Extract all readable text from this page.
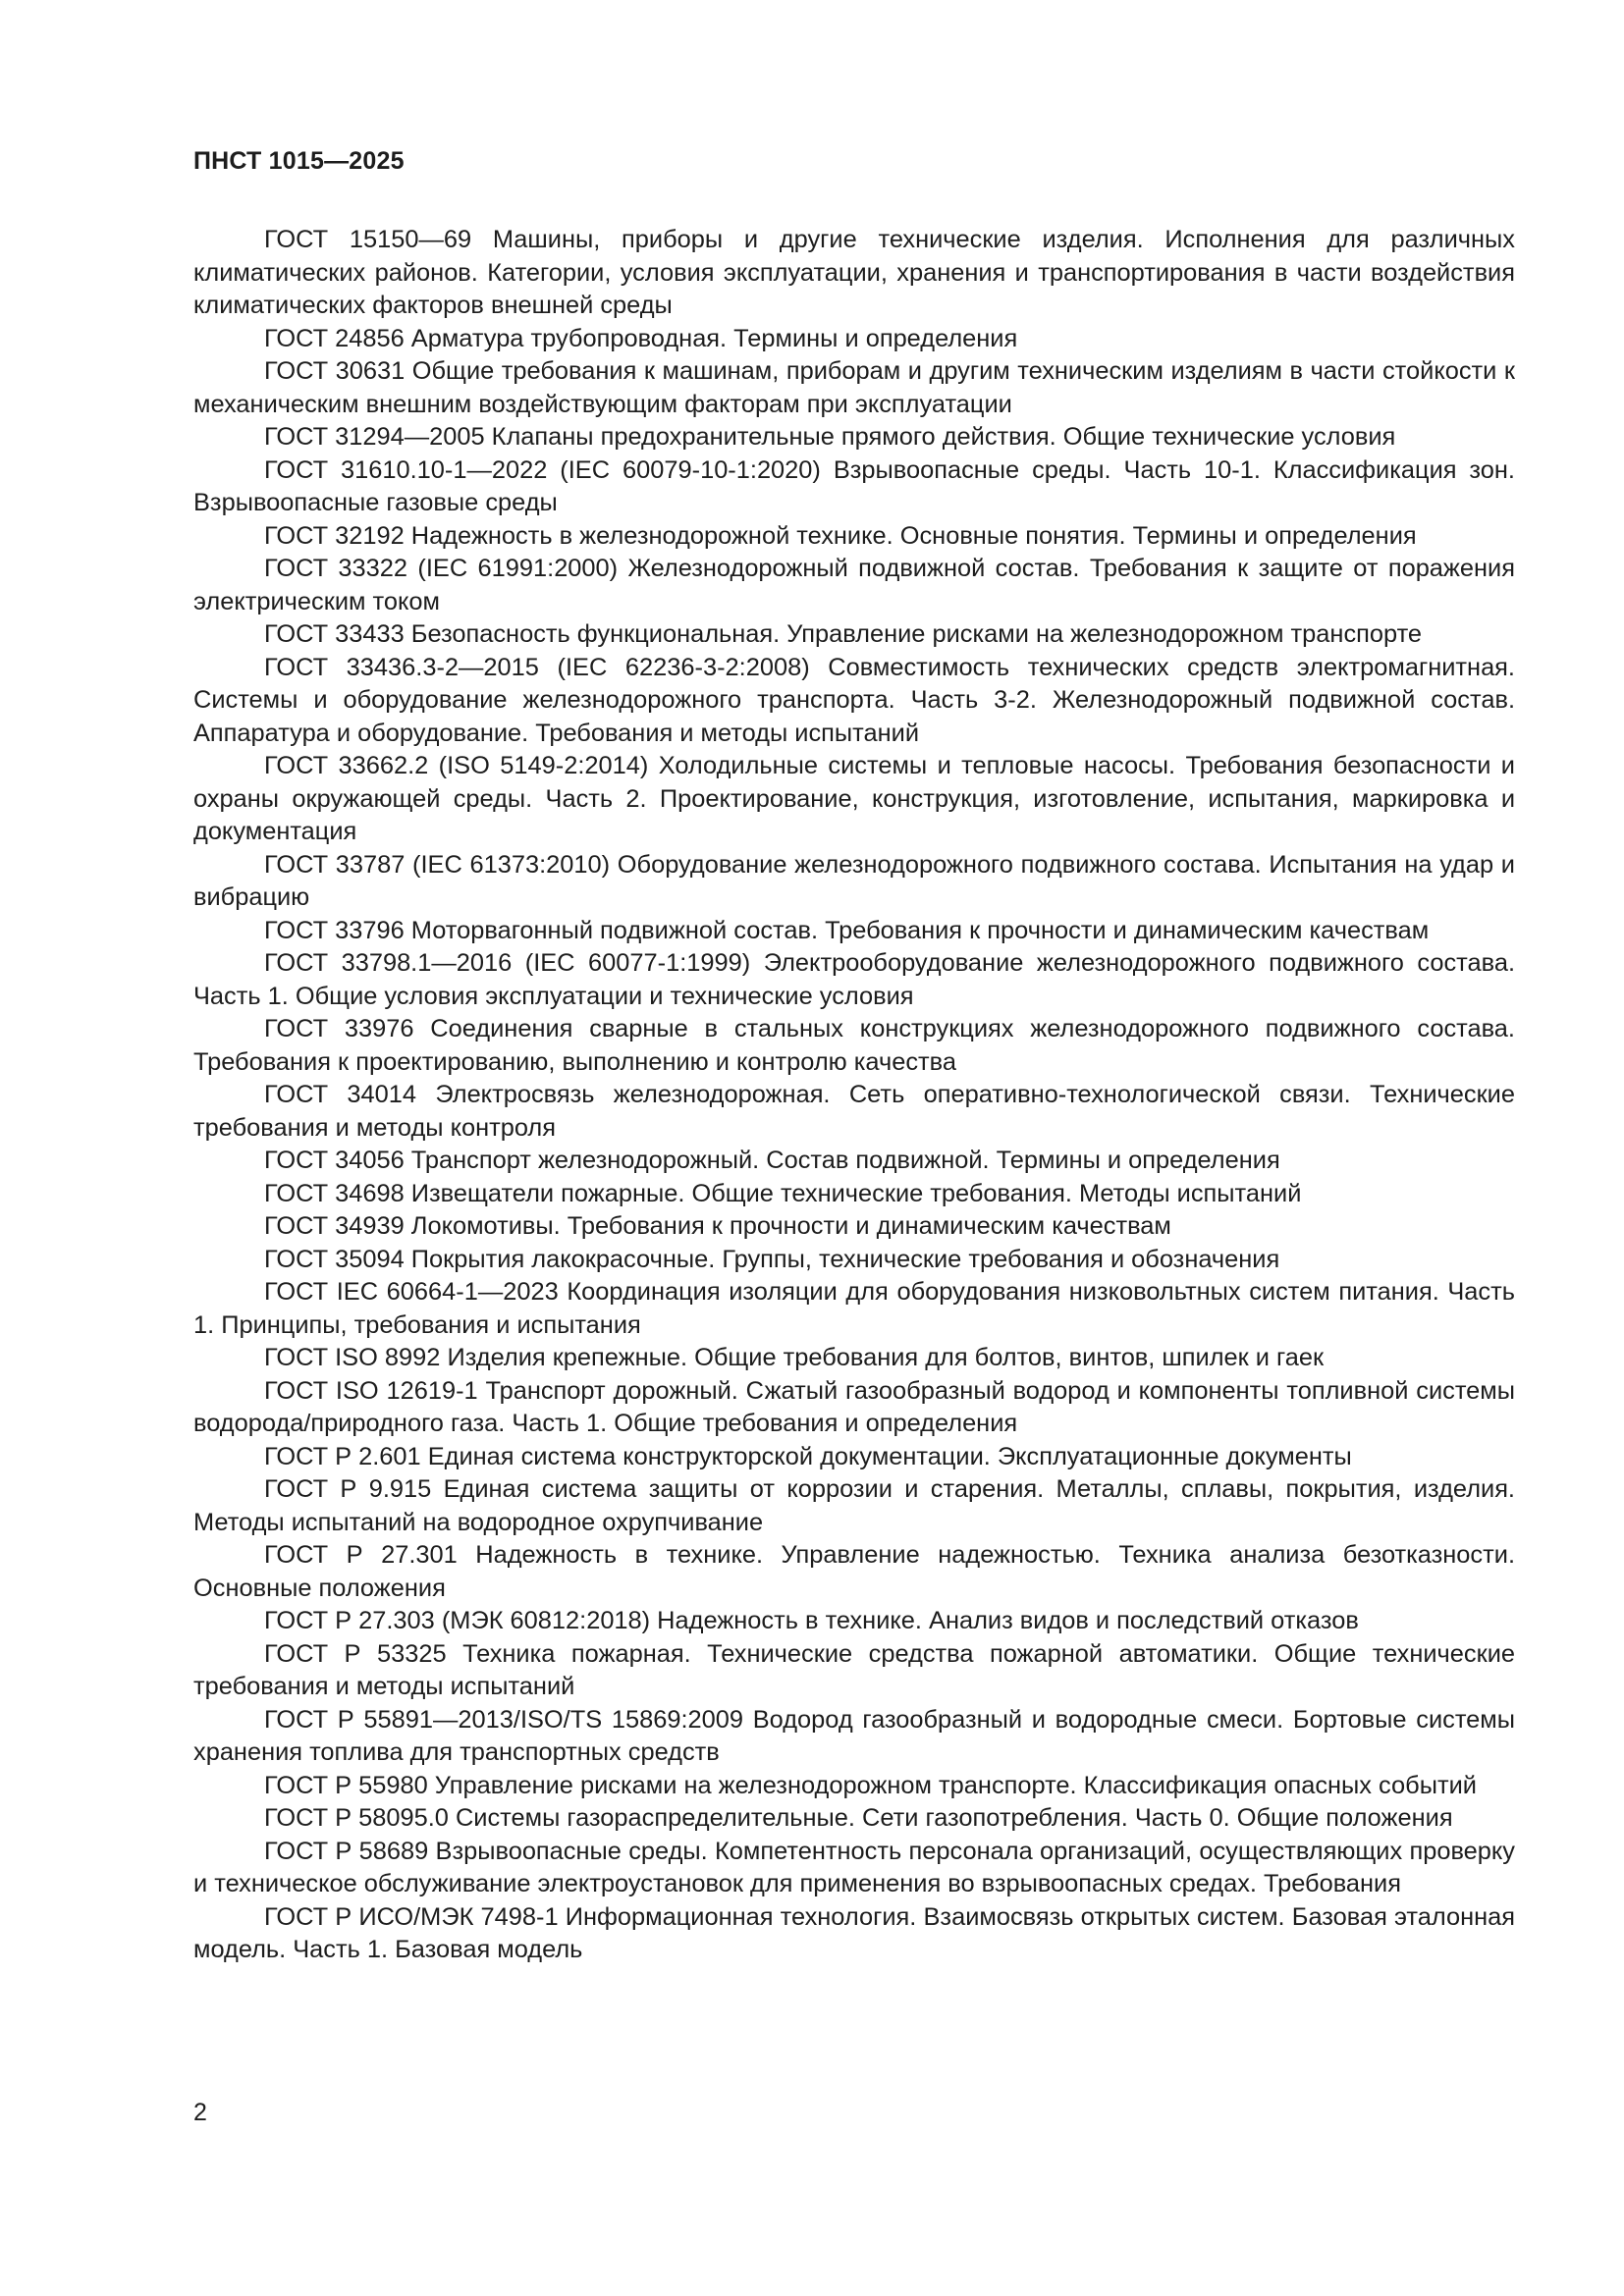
ПНСТ 1015—2025

ГОСТ 15150—69 Машины, приборы и другие технические изделия. Исполнения для различных климатических районов. Категории, условия эксплуатации, хранения и транспортирования в части воздействия климатических факторов внешней среды

ГОСТ 24856 Арматура трубопроводная. Термины и определения

ГОСТ 30631 Общие требования к машинам, приборам и другим техническим изделиям в части стойкости к механическим внешним воздействующим факторам при эксплуатации

ГОСТ 31294—2005 Клапаны предохранительные прямого действия. Общие технические условия

ГОСТ 31610.10-1—2022 (IEC 60079-10-1:2020) Взрывоопасные среды. Часть 10-1. Классификация зон. Взрывоопасные газовые среды

ГОСТ 32192 Надежность в железнодорожной технике. Основные понятия. Термины и определения

ГОСТ 33322 (IEC 61991:2000) Железнодорожный подвижной состав. Требования к защите от поражения электрическим током

ГОСТ 33433 Безопасность функциональная. Управление рисками на железнодорожном транспорте

ГОСТ 33436.3-2—2015 (IEC 62236-3-2:2008) Совместимость технических средств электромагнитная. Системы и оборудование железнодорожного транспорта. Часть 3-2. Железнодорожный подвижной состав. Аппаратура и оборудование. Требования и методы испытаний

ГОСТ 33662.2 (ISO 5149-2:2014) Холодильные системы и тепловые насосы. Требования безопасности и охраны окружающей среды. Часть 2. Проектирование, конструкция, изготовление, испытания, маркировка и документация

ГОСТ 33787 (IEC 61373:2010) Оборудование железнодорожного подвижного состава. Испытания на удар и вибрацию

ГОСТ 33796 Моторвагонный подвижной состав. Требования к прочности и динамическим качествам

ГОСТ 33798.1—2016 (IEC 60077-1:1999) Электрооборудование железнодорожного подвижного состава. Часть 1. Общие условия эксплуатации и технические условия

ГОСТ 33976 Соединения сварные в стальных конструкциях железнодорожного подвижного состава. Требования к проектированию, выполнению и контролю качества

ГОСТ 34014 Электросвязь железнодорожная. Сеть оперативно-технологической связи. Технические требования и методы контроля

ГОСТ 34056 Транспорт железнодорожный. Состав подвижной. Термины и определения

ГОСТ 34698 Извещатели пожарные. Общие технические требования. Методы испытаний

ГОСТ 34939 Локомотивы. Требования к прочности и динамическим качествам

ГОСТ 35094 Покрытия лакокрасочные. Группы, технические требования и обозначения

ГОСТ IEC 60664-1—2023 Координация изоляции для оборудования низковольтных систем питания. Часть 1. Принципы, требования и испытания

ГОСТ ISO 8992 Изделия крепежные. Общие требования для болтов, винтов, шпилек и гаек

ГОСТ ISO 12619-1 Транспорт дорожный. Сжатый газообразный водород и компоненты топливной системы водорода/природного газа. Часть 1. Общие требования и определения

ГОСТ Р 2.601 Единая система конструкторской документации. Эксплуатационные документы

ГОСТ Р 9.915 Единая система защиты от коррозии и старения. Металлы, сплавы, покрытия, изделия. Методы испытаний на водородное охрупчивание

ГОСТ Р 27.301 Надежность в технике. Управление надежностью. Техника анализа безотказности. Основные положения

ГОСТ Р 27.303 (МЭК 60812:2018) Надежность в технике. Анализ видов и последствий отказов

ГОСТ Р 53325 Техника пожарная. Технические средства пожарной автоматики. Общие технические требования и методы испытаний

ГОСТ Р 55891—2013/ISO/TS 15869:2009 Водород газообразный и водородные смеси. Бортовые системы хранения топлива для транспортных средств

ГОСТ Р 55980 Управление рисками на железнодорожном транспорте. Классификация опасных событий

ГОСТ Р 58095.0 Системы газораспределительные. Сети газопотребления. Часть 0. Общие положения

ГОСТ Р 58689 Взрывоопасные среды. Компетентность персонала организаций, осуществляющих проверку и техническое обслуживание электроустановок для применения во взрывоопасных средах. Требования

ГОСТ Р ИСО/МЭК 7498-1 Информационная технология. Взаимосвязь открытых систем. Базовая эталонная модель. Часть 1. Базовая модель

2
